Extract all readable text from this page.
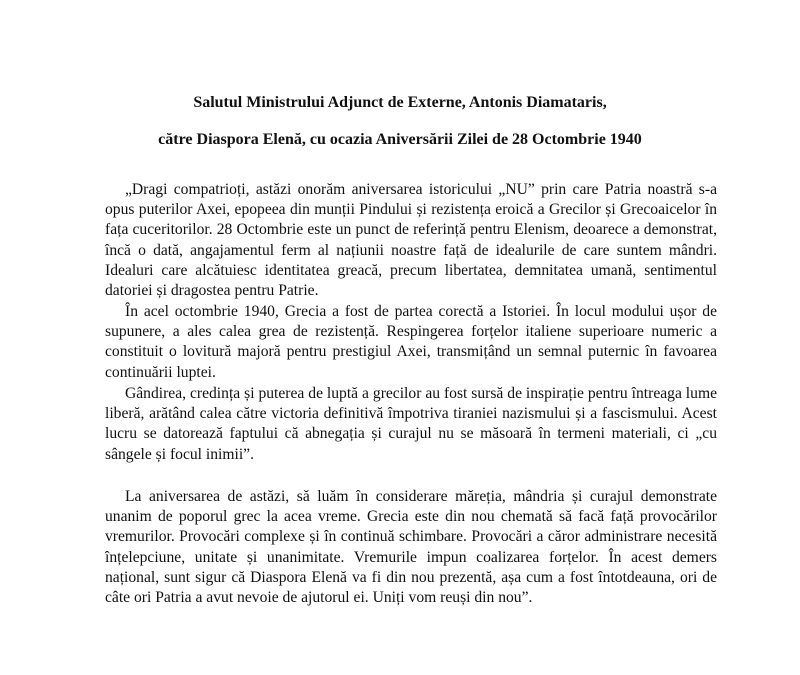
Salutul Ministrului Adjunct de Externe, Antonis Diamataris,
către Diaspora Elenă, cu ocazia Aniversării Zilei de 28 Octombrie 1940

„Dragi compatrioți, astăzi onorăm aniversarea istoricului „NU” prin care Patria noastră s-a opus puterilor Axei, epopeea din munții Pindului și rezistența eroică a Grecilor și Grecoaicelor în fața cuceritorilor. 28 Octombrie este un punct de referință pentru Elenism, deoarece a demonstrat, încă o dată, angajamentul ferm al națiunii noastre față de idealurile de care suntem mândri. Idealuri care alcătuiesc identitatea greacă, precum libertatea, demnitatea umană, sentimentul datoriei și dragostea pentru Patrie.

În acel octombrie 1940, Grecia a fost de partea corectă a Istoriei. În locul modului ușor de supunere, a ales calea grea de rezistență. Respingerea forțelor italiene superioare numeric a constituit o lovitură majoră pentru prestigiul Axei, transmițând un semnal puternic în favoarea continuării luptei.

Gândirea, credința și puterea de luptă a grecilor au fost sursă de inspirație pentru întreaga lume liberă, arătând calea către victoria definitivă împotriva tiraniei nazismului și a fascismului. Acest lucru se datorează faptului că abnegația și curajul nu se măsoară în termeni materiali, ci „cu sângele și focul inimii”.

La aniversarea de astăzi, să luăm în considerare măreția, mândria și curajul demonstrate unanim de poporul grec la acea vreme. Grecia este din nou chemată să facă față provocărilor vremurilor. Provocări complexe și în continuă schimbare. Provocări a căror administrare necesită înțelepciune, unitate și unanimitate. Vremurile impun coalizarea forțelor. În acest demers național, sunt sigur că Diaspora Elenă va fi din nou prezentă, așa cum a fost întotdeauna, ori de câte ori Patria a avut nevoie de ajutorul ei. Uniți vom reuși din nou”.
